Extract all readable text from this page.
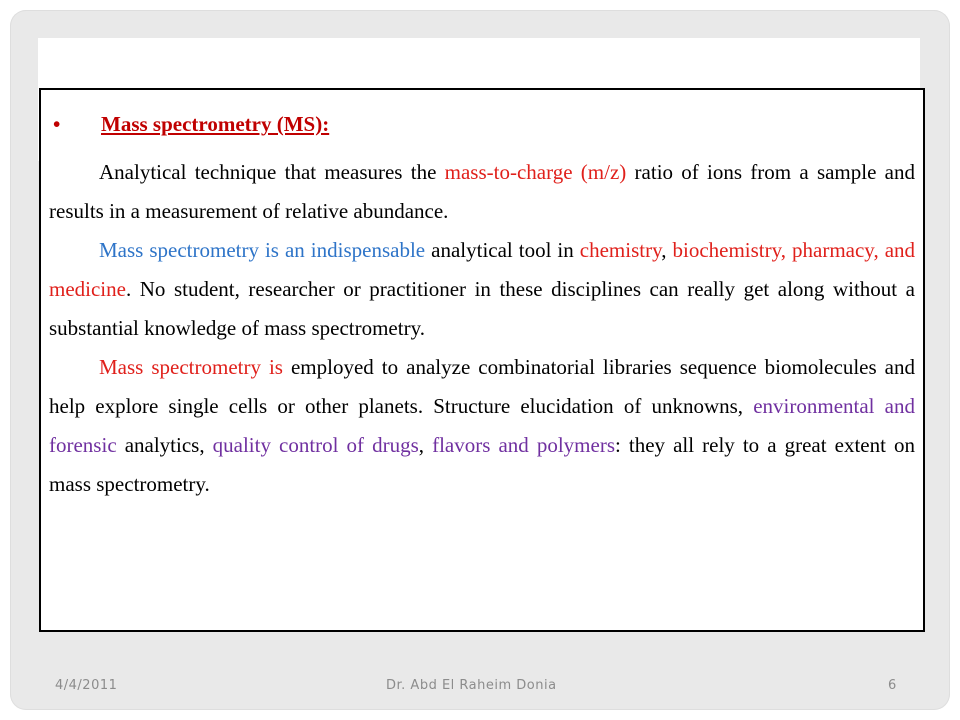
• Mass spectrometry (MS):

Analytical technique that measures the mass-to-charge (m/z) ratio of ions from a sample and results in a measurement of relative abundance.

Mass spectrometry is an indispensable analytical tool in chemistry, biochemistry, pharmacy, and medicine. No student, researcher or practitioner in these disciplines can really get along without a substantial knowledge of mass spectrometry.

Mass spectrometry is employed to analyze combinatorial libraries sequence biomolecules and help explore single cells or other planets. Structure elucidation of unknowns, environmental and forensic analytics, quality control of drugs, flavors and polymers: they all rely to a great extent on mass spectrometry.

4/4/2011	Dr. Abd El Raheim Donia	6
